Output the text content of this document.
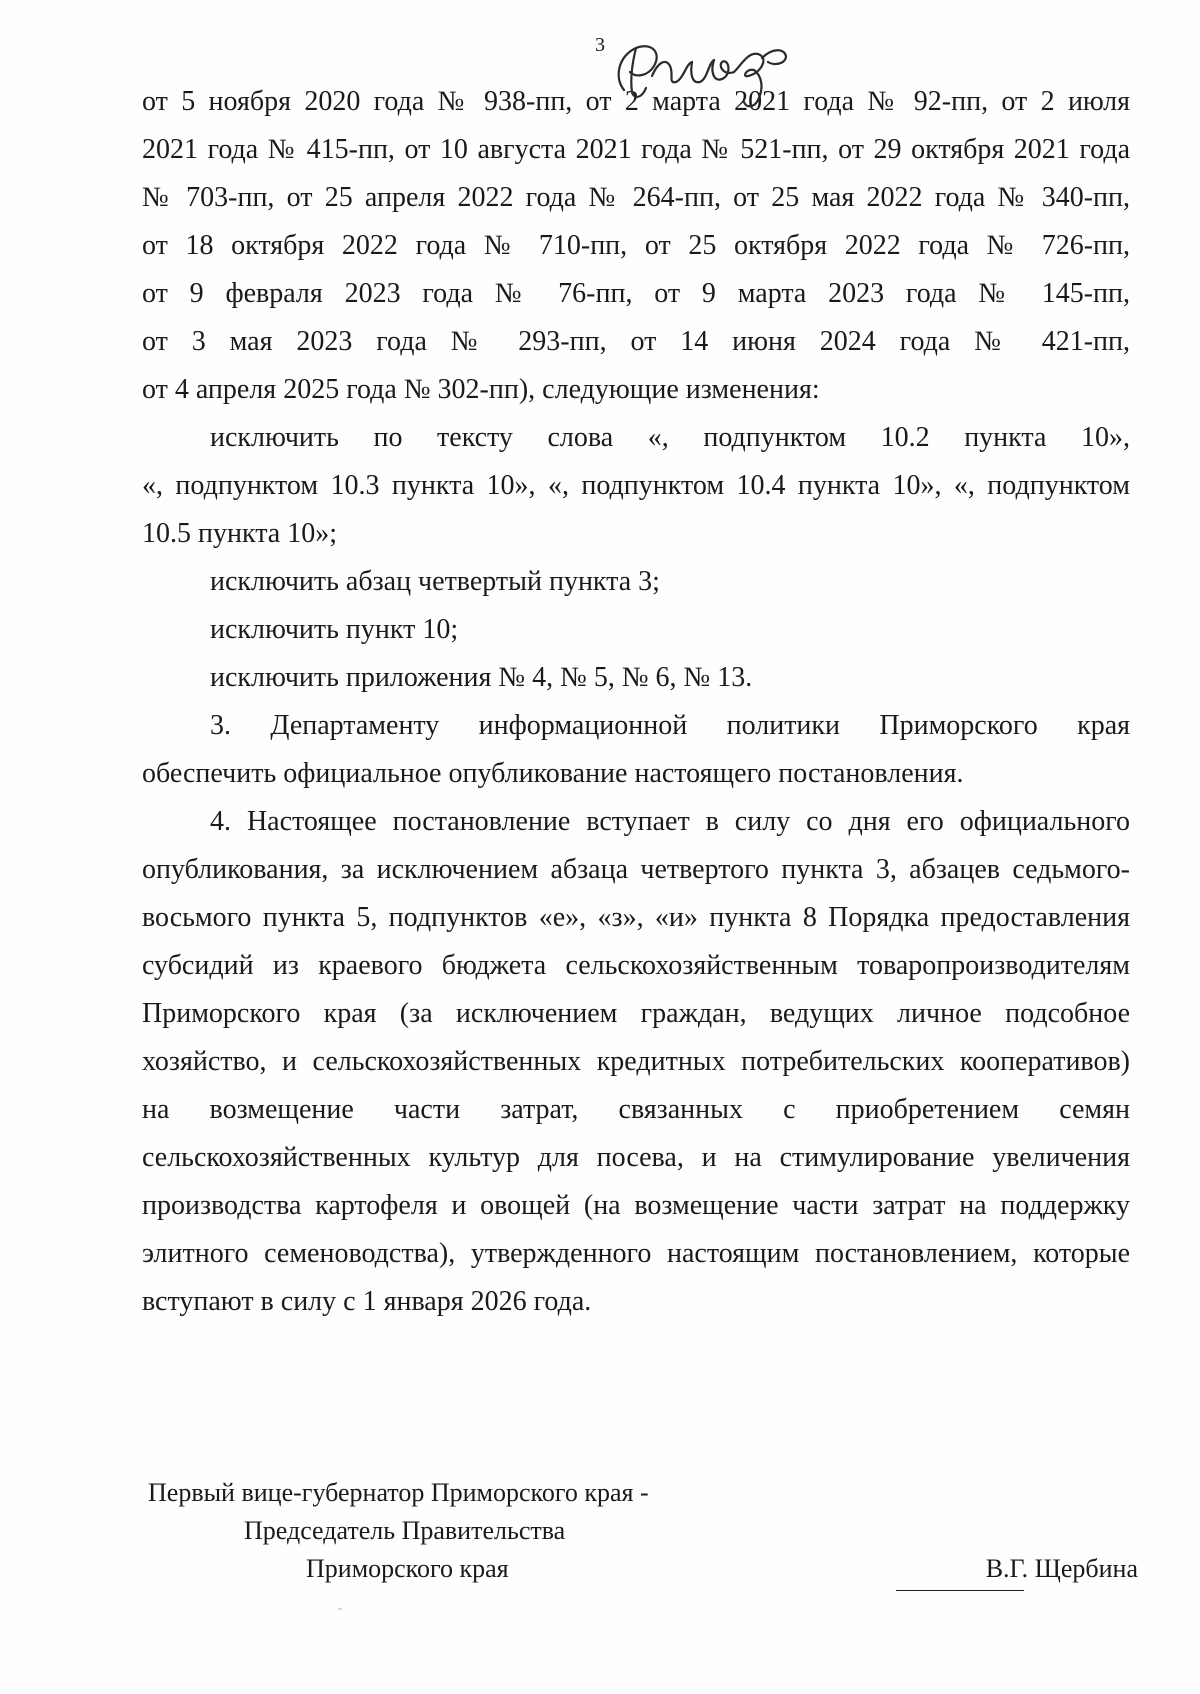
3
от 5 ноября 2020 года № 938-пп, от 2 марта 2021 года № 92-пп, от 2 июля
2021 года № 415-пп, от 10 августа 2021 года № 521-пп, от 29 октября 2021 года
№ 703-пп, от 25 апреля 2022 года № 264-пп, от 25 мая 2022 года № 340-пп,
от 18 октября 2022 года № 710-пп, от 25 октября 2022 года № 726-пп,
от 9 февраля 2023 года № 76-пп, от 9 марта 2023 года № 145-пп,
от 3 мая 2023 года № 293-пп, от 14 июня 2024 года № 421-пп,
от 4 апреля 2025 года № 302-пп), следующие изменения:
исключить по тексту слова «, подпунктом 10.2 пункта 10»,
«, подпунктом 10.3 пункта 10», «, подпунктом 10.4 пункта 10», «, подпунктом
10.5 пункта 10»;
исключить абзац четвертый пункта 3;
исключить пункт 10;
исключить приложения № 4, № 5, № 6, № 13.
3. Департаменту информационной политики Приморского края
обеспечить официальное опубликование настоящего постановления.
4. Настоящее постановление вступает в силу со дня его официального
опубликования, за исключением абзаца четвертого пункта 3, абзацев седьмого-
восьмого пункта 5, подпунктов «е», «з», «и» пункта 8 Порядка предоставления
субсидий из краевого бюджета сельскохозяйственным товаропроизводителям
Приморского края (за исключением граждан, ведущих личное подсобное
хозяйство, и сельскохозяйственных кредитных потребительских кооперативов)
на возмещение части затрат, связанных с приобретением семян
сельскохозяйственных культур для посева, и на стимулирование увеличения
производства картофеля и овощей (на возмещение части затрат на поддержку
элитного семеноводства), утвержденного настоящим постановлением, которые
вступают в силу с 1 января 2026 года.
Первый вице-губернатор Приморского края -
Председатель Правительства
Приморского края	В.Г. Щербина
